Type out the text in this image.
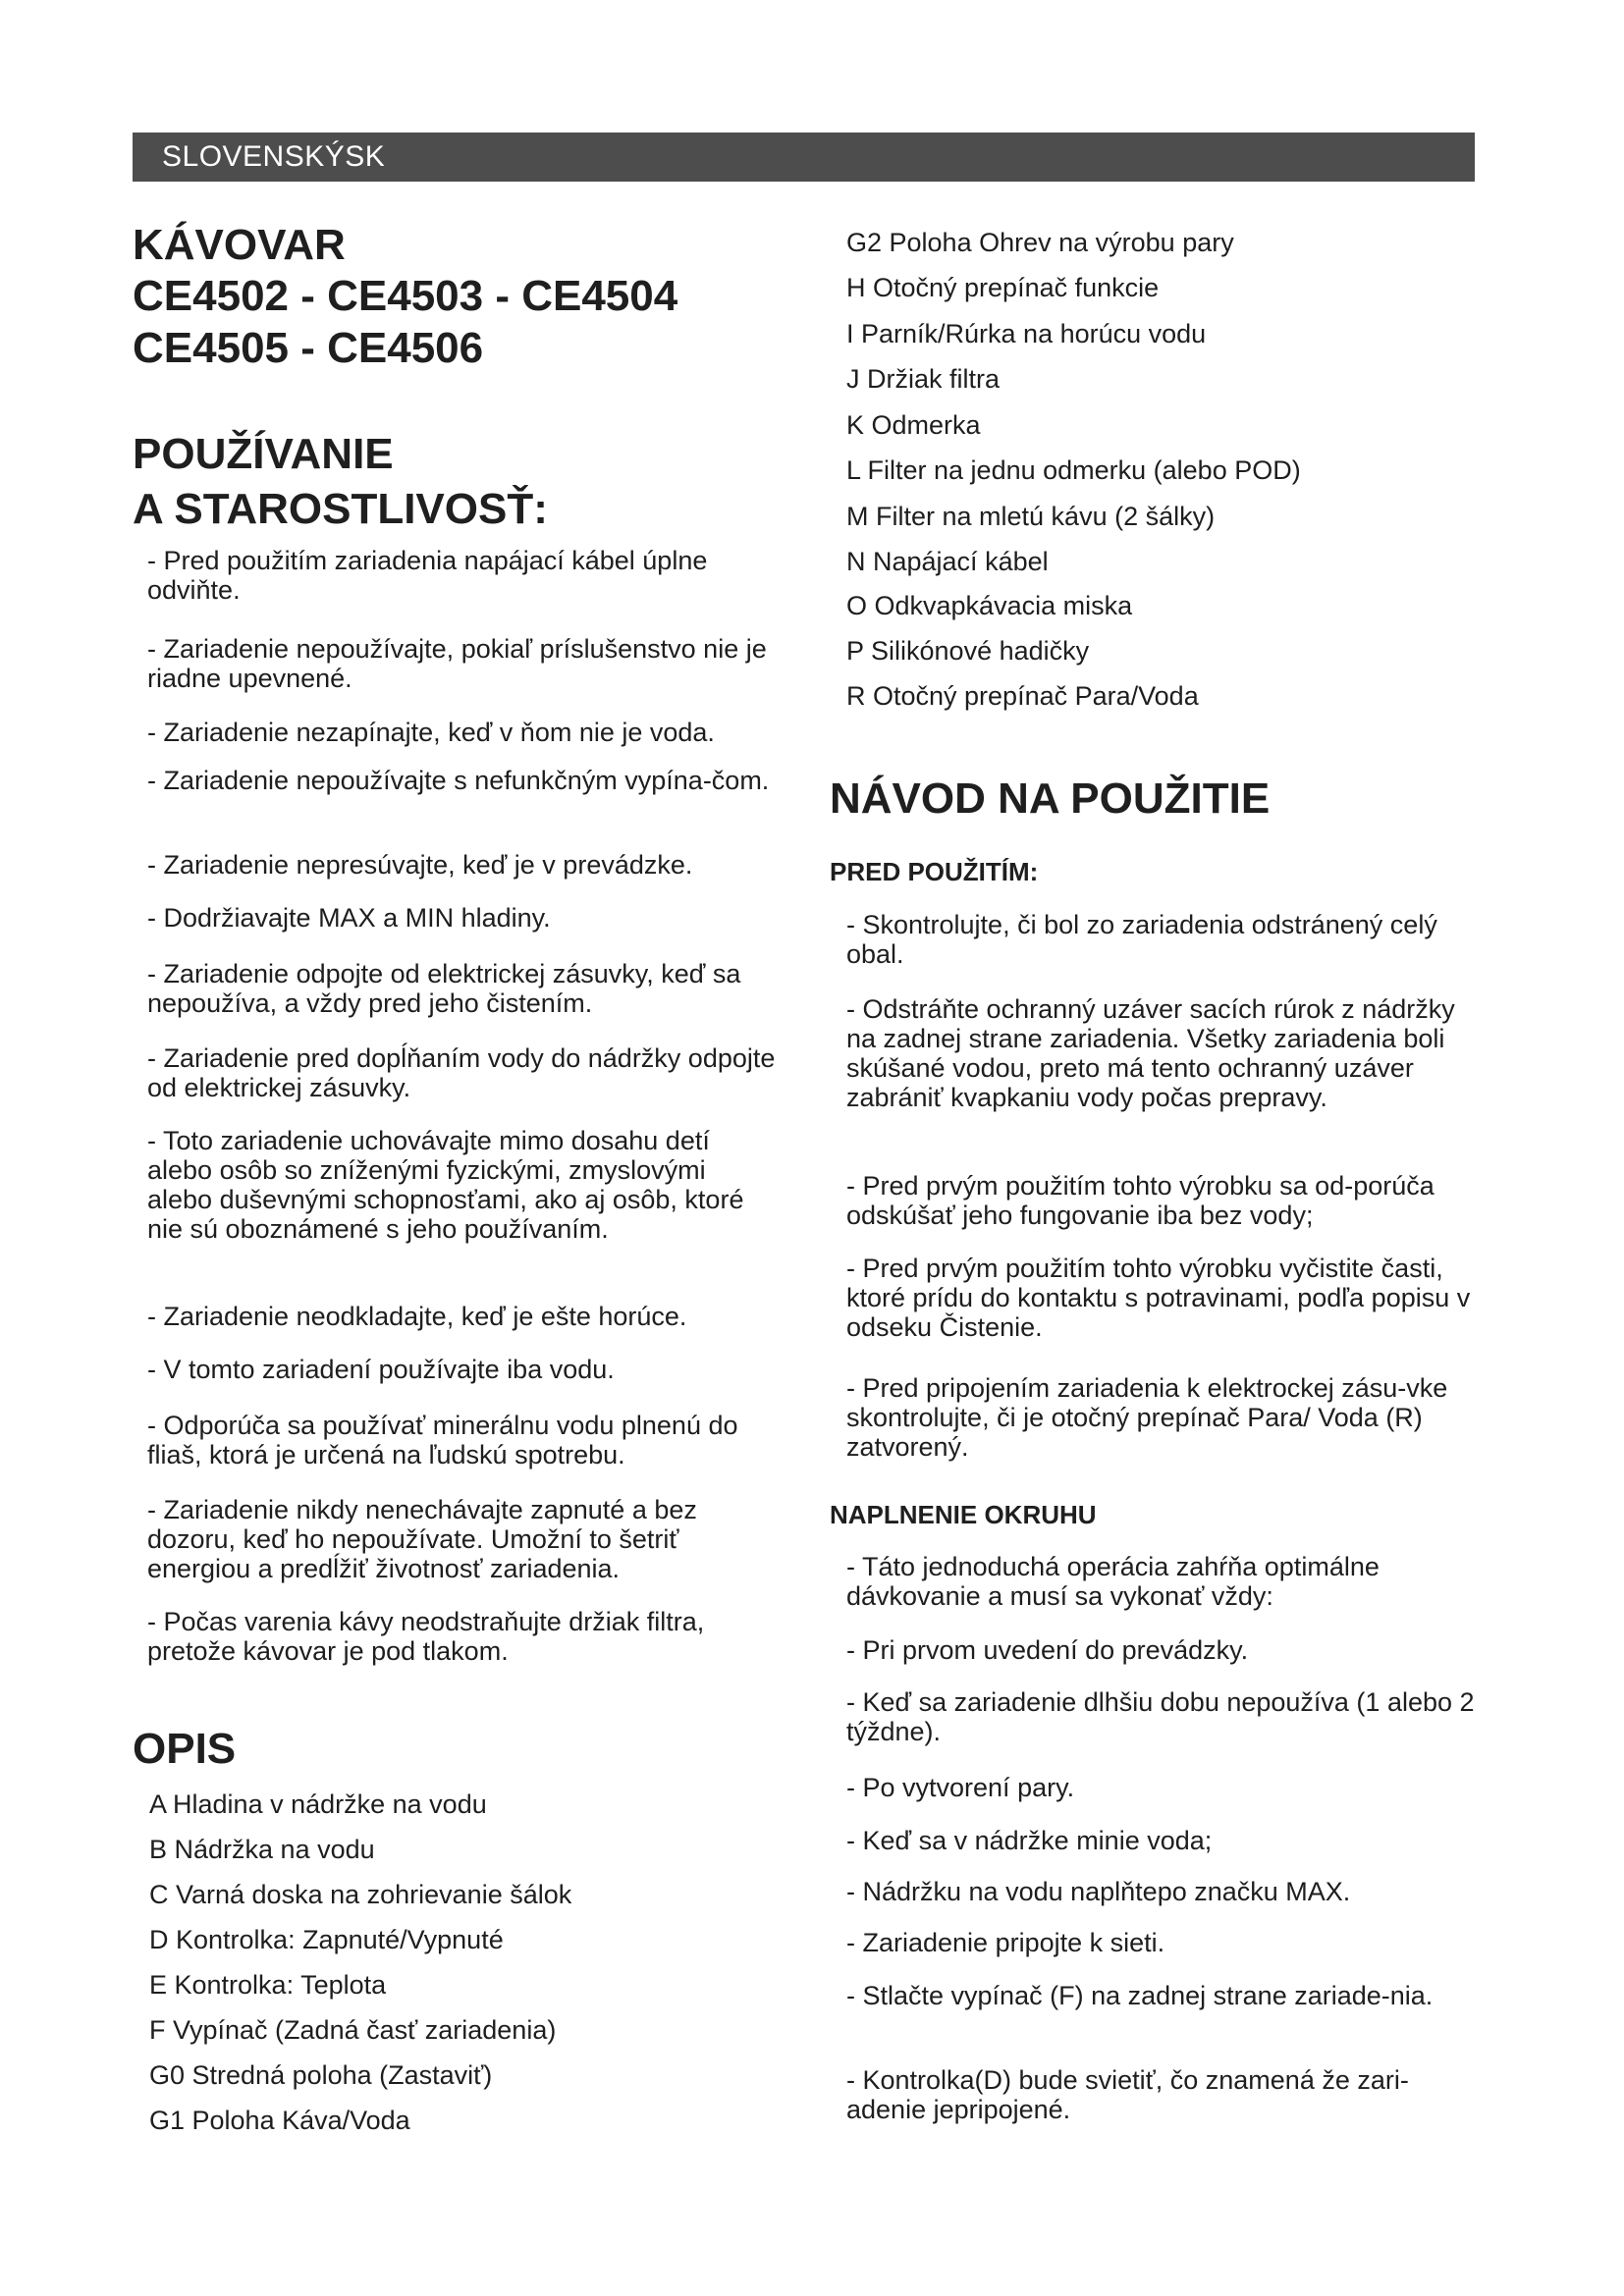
SLOVENSKÝSK
KÁVOVAR
CE4502 - CE4503 - CE4504
CE4505 - CE4506
POUŽÍVANIE
A STAROSTLIVOSŤ:

- Pred použitím zariadenia napájací kábel úplne odviňte.

- Zariadenie nepoužívajte, pokiaľ príslušenstvo nie je riadne upevnené.

- Zariadenie nezapínajte, keď v ňom nie je voda.

- Zariadenie nepoužívajte s nefunkčným vypína-čom.

- Zariadenie nepresúvajte, keď je v prevádzke.

- Dodržiavajte MAX a MIN hladiny.

- Zariadenie odpojte od elektrickej zásuvky, keď sa nepoužíva, a vždy pred jeho čistením.

- Zariadenie pred dopĺňaním vody do nádržky odpojte od elektrickej zásuvky.

- Toto zariadenie uchovávajte mimo dosahu detí alebo osôb so zníženými fyzickými, zmyslovými alebo duševnými schopnosťami, ako aj osôb, ktoré nie sú oboznámené s jeho používaním.

- Zariadenie neodkladajte, keď je ešte horúce.

- V tomto zariadení používajte iba vodu.

- Odporúča sa používať minerálnu vodu plnenú do fliaš, ktorá je určená na ľudskú spotrebu.

- Zariadenie nikdy nenechávajte zapnuté a bez dozoru, keď ho nepoužívate. Umožní to šetriť energiou a predĺžiť životnosť zariadenia.

- Počas varenia kávy neodstraňujte držiak filtra, pretože kávovar je pod tlakom.

OPIS
A Hladina v nádržke na vodu
B Nádržka na vodu
C Varná doska na zohrievanie šálok
D Kontrolka: Zapnuté/Vypnuté
E Kontrolka: Teplota
F Vypínač (Zadná časť zariadenia)
G0 Stredná poloha (Zastaviť)
G1 Poloha Káva/Voda
G2 Poloha Ohrev na výrobu pary
H Otočný prepínač funkcie
I Parník/Rúrka na horúcu vodu
J Držiak filtra
K Odmerka
L Filter na jednu odmerku (alebo POD)
M Filter na mletú kávu (2 šálky)
N Napájací kábel
O Odkvapkávacia miska
P Silikónové hadičky
R Otočný prepínač Para/Voda
NÁVOD NA POUŽITIE
PRED POUŽITÍM:

- Skontrolujte, či bol zo zariadenia odstránený celý obal.

- Odstráňte ochranný uzáver sacích rúrok z nádržky na zadnej strane zariadenia. Všetky zariadenia boli skúšané vodou, preto má tento ochranný uzáver zabrániť kvapkaniu vody počas prepravy.

- Pred prvým použitím tohto výrobku sa od-porúča odskúšať jeho fungovanie iba bez vody;

- Pred prvým použitím tohto výrobku vyčistite časti, ktoré prídu do kontaktu s potravinami, podľa popisu v odseku Čistenie.

- Pred pripojením zariadenia k elektrockej zásu-vke skontrolujte, či je otočný prepínač Para/ Voda (R) zatvorený.

NAPLNENIE OKRUHU

- Táto jednoduchá operácia zahŕňa optimálne dávkovanie a musí sa vykonať vždy:

- Pri prvom uvedení do prevádzky.

- Keď sa zariadenie dlhšiu dobu nepoužíva (1 alebo 2 týždne).

- Po vytvorení pary.

- Keď sa v nádržke minie voda;

- Nádržku na vodu naplňtepo značku MAX.

- Zariadenie pripojte k sieti.

- Stlačte vypínač (F) na zadnej strane zariade-nia.

- Kontrolka(D) bude svietiť, čo znamená že zari-adenie jepripojené.
